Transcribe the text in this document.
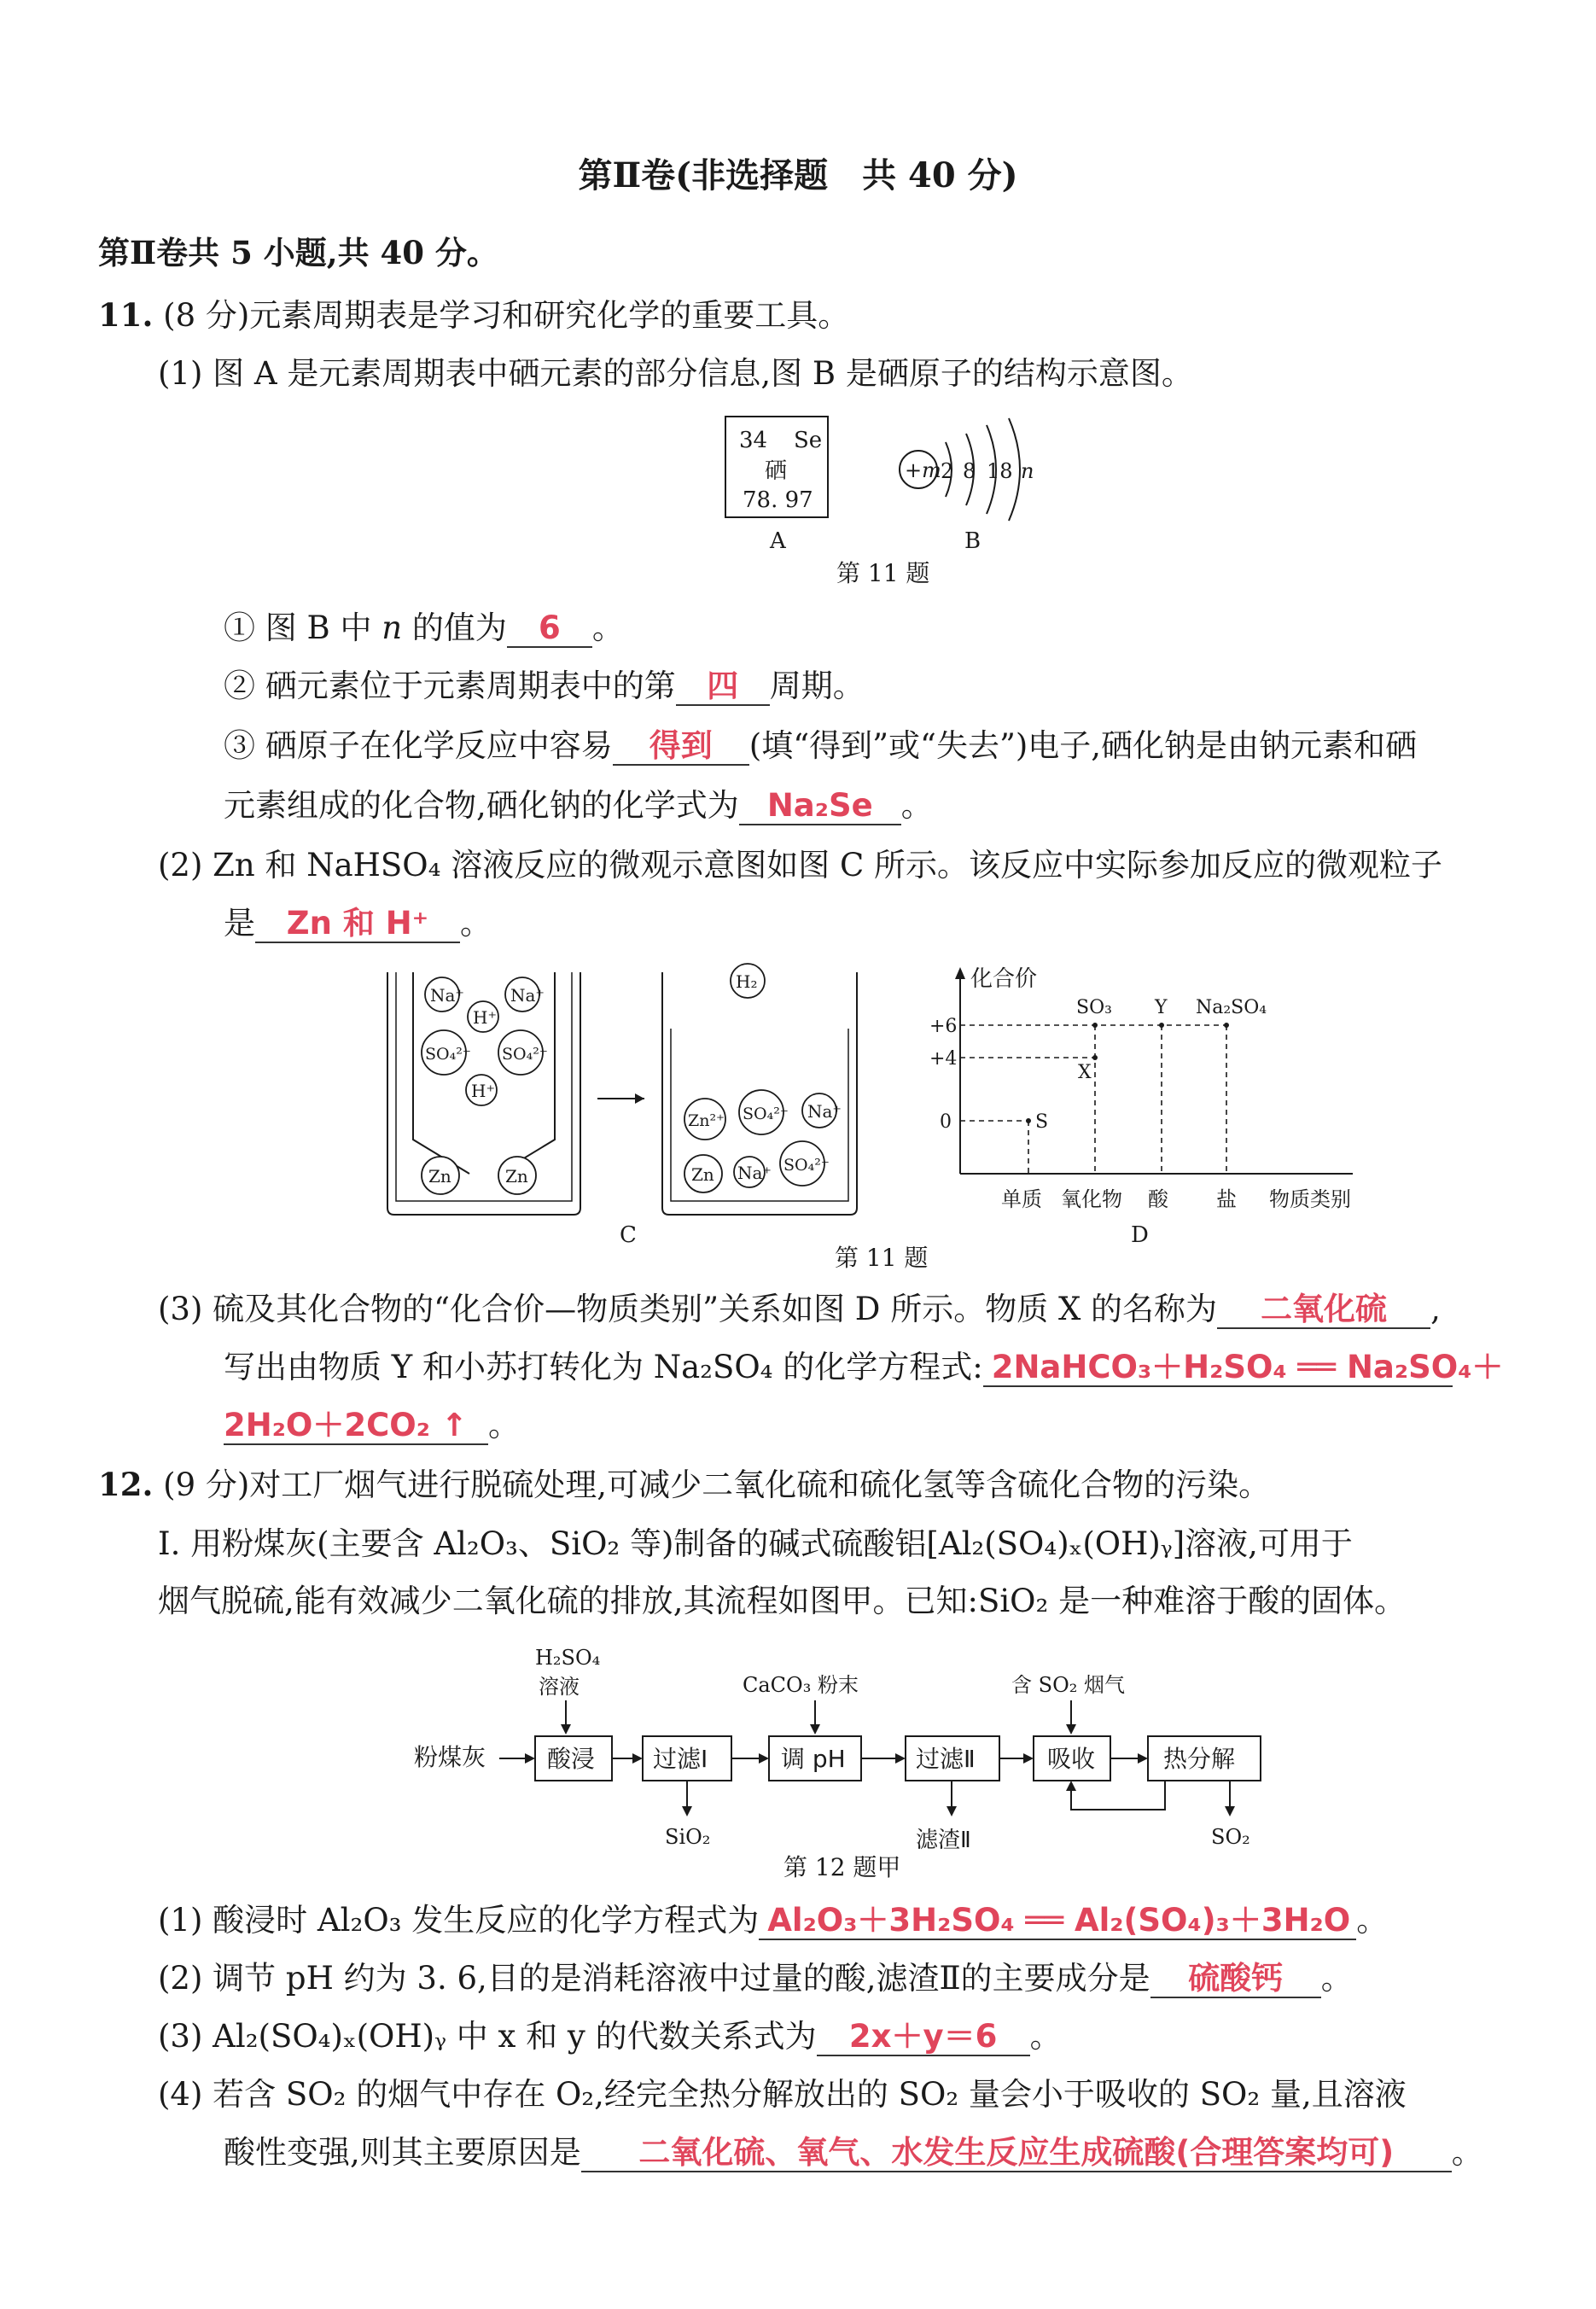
第Ⅱ卷(非选择题　共 40 分)
第Ⅱ卷共 5 小题,共 40 分。
11. (8 分)元素周期表是学习和研究化学的重要工具。
(1) 图 A 是元素周期表中硒元素的部分信息,图 B 是硒原子的结构示意图。
34 Se
硒
78. 97
A
+m 2 8 18 n
B
第 11 题
① 图 B 中 n 的值为 6 。
② 硒元素位于元素周期表中的第 四 周期。
③ 硒原子在化学反应中容易 得到 (填“得到”或“失去”)电子,硒化钠是由钠元素和硒
元素组成的化合物,硒化钠的化学式为 Na₂Se 。
(2) Zn 和 NaHSO₄ 溶液反应的微观示意图如图 C 所示。该反应中实际参加反应的微观粒子
是 Zn 和 H⁺ 。
Na⁺	Na⁺
H⁺
SO₄²⁻ SO₄²⁻
H⁺
Zn	Zn
H₂
Zn²⁺ SO₄²⁻ Na⁺
Zn Na⁺ SO₄²⁻
C
化合价
+6
+4
0	S
X
SO₃ Y Na₂SO₄
单质 氧化物 酸 盐 物质类别
D
第 11 题
(3) 硫及其化合物的“化合价—物质类别”关系如图 D 所示。物质 X 的名称为 二氧化硫 ,
写出由物质 Y 和小苏打转化为 Na₂SO₄ 的化学方程式: 2NaHCO₃＋H₂SO₄ ══ Na₂SO₄＋
2H₂O＋2CO₂ ↑ 。
12. (9 分)对工厂烟气进行脱硫处理,可减少二氧化硫和硫化氢等含硫化合物的污染。
Ⅰ. 用粉煤灰(主要含 Al₂O₃、SiO₂ 等)制备的碱式硫酸铝[Al₂(SO₄)ₓ(OH)ᵧ]溶液,可用于
烟气脱硫,能有效减少二氧化硫的排放,其流程如图甲。已知:SiO₂ 是一种难溶于酸的固体。
H₂SO₄
溶液	CaCO₃ 粉末	含 SO₂ 烟气
粉煤灰	酸浸 过滤Ⅰ	调 pH	过滤Ⅱ	吸收	热分解
SiO₂	滤渣Ⅱ	SO₂
第 12 题甲
(1) 酸浸时 Al₂O₃ 发生反应的化学方程式为 Al₂O₃＋3H₂SO₄ ══ Al₂(SO₄)₃＋3H₂O 。
(2) 调节 pH 约为 3. 6,目的是消耗溶液中过量的酸,滤渣Ⅱ的主要成分是 硫酸钙 。
(3) Al₂(SO₄)ₓ(OH)ᵧ 中 x 和 y 的代数关系式为 2x＋y＝6 。
(4) 若含 SO₂ 的烟气中存在 O₂,经完全热分解放出的 SO₂ 量会小于吸收的 SO₂ 量,且溶液
酸性变强,则其主要原因是 二氧化硫、氧气、水发生反应生成硫酸(合理答案均可) 。
